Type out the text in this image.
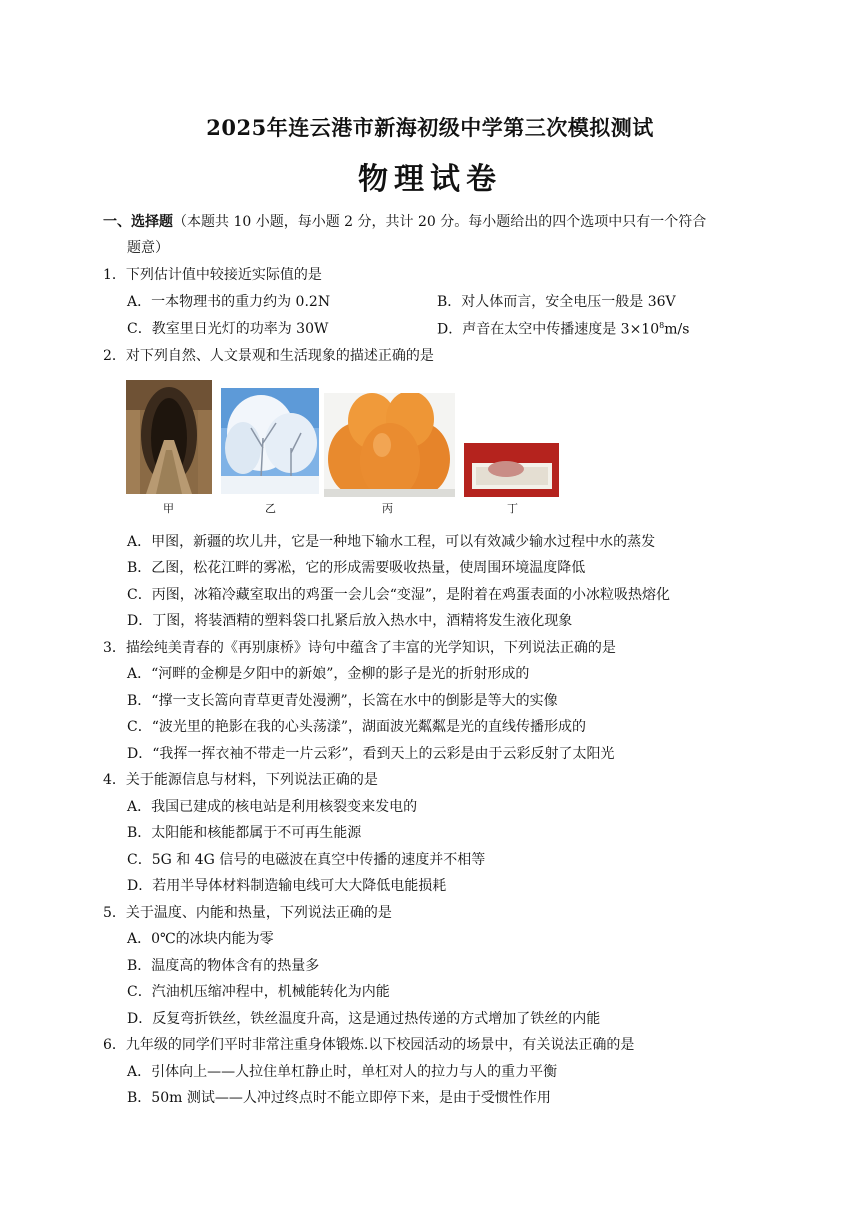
2025年连云港市新海初级中学第三次模拟测试
物理试卷
一、选择题（本题共 10 小题，每小题 2 分，共计 20 分。每小题给出的四个选项中只有一个符合
题意）
1．下列估计值中较接近实际值的是
A．一本物理书的重力约为 0.2N	B．对人体而言，安全电压一般是 36V
C．教室里日光灯的功率为 30W	D．声音在太空中传播速度是 $3\times 10^8m/s$
2．对下列自然、人文景观和生活现象的描述正确的是
甲	乙	丙	丁
A．甲图，新疆的坎儿井，它是一种地下输水工程，可以有效减少输水过程中水的蒸发
B．乙图，松花江畔的雾凇，它的形成需要吸收热量，使周围环境温度降低
C．丙图，冰箱冷藏室取出的鸡蛋一会儿会“变湿”，是附着在鸡蛋表面的小冰粒吸热熔化
D．丁图，将装酒精的塑料袋口扎紧后放入热水中，酒精将发生液化现象
3．描绘纯美青春的《再别康桥》诗句中蕴含了丰富的光学知识，下列说法正确的是
A．“河畔的金柳是夕阳中的新娘”，金柳的影子是光的折射形成的
B．“撑一支长篙向青草更青处漫溯”，长篙在水中的倒影是等大的实像
C．“波光里的艳影在我的心头荡漾”，湖面波光粼粼是光的直线传播形成的
D．“我挥一挥衣袖不带走一片云彩”，看到天上的云彩是由于云彩反射了太阳光
4．关于能源信息与材料，下列说法正确的是
A．我国已建成的核电站是利用核裂变来发电的
B．太阳能和核能都属于不可再生能源
C．5G 和 4G 信号的电磁波在真空中传播的速度并不相等
D．若用半导体材料制造输电线可大大降低电能损耗
5．关于温度、内能和热量，下列说法正确的是
A．0℃的冰块内能为零
B．温度高的物体含有的热量多
C．汽油机压缩冲程中，机械能转化为内能
D．反复弯折铁丝，铁丝温度升高，这是通过热传递的方式增加了铁丝的内能
6．九年级的同学们平时非常注重身体锻炼.以下校园活动的场景中，有关说法正确的是
A．引体向上——人拉住单杠静止时，单杠对人的拉力与人的重力平衡
B．50m 测试——人冲过终点时不能立即停下来，是由于受惯性作用
